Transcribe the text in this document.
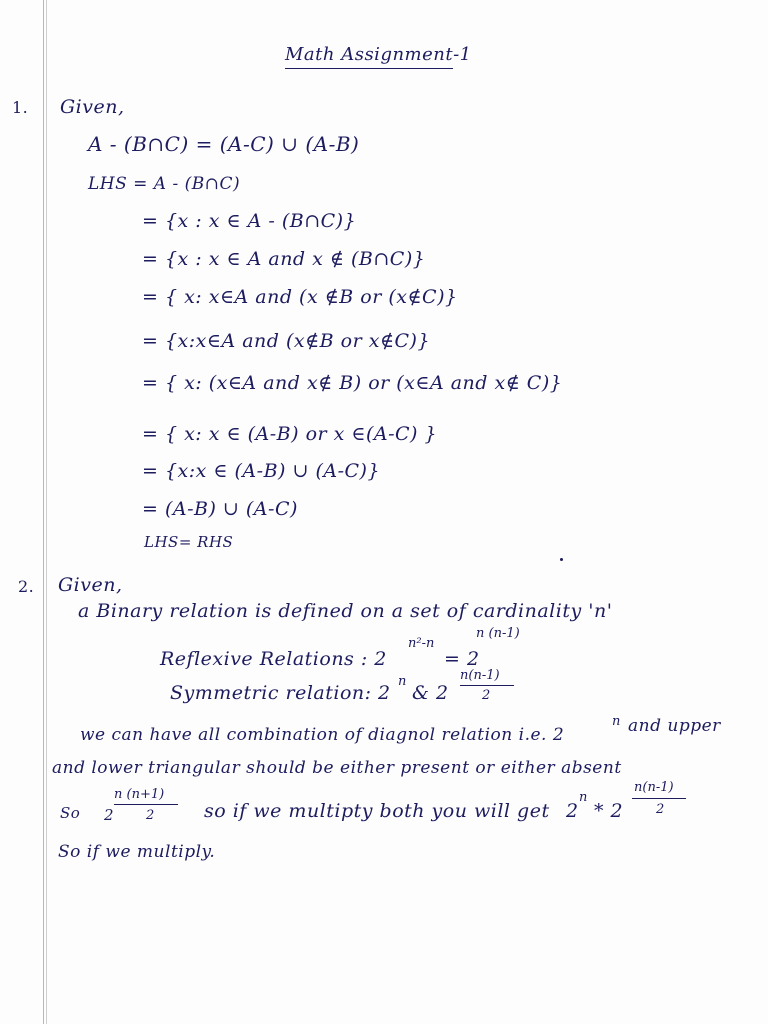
Math Assignment-1
1. Given,
A - (B∩C) = (A-C) ∪ (A-B)
LHS = A - (B∩C)
= {x : x ∈ A - (B∩C)}
= {x : x ∈ A and x ∉ (B∩C)}
= { x: x∈A and (x ∉B or (x∉C)}
= {x:x∈A and (x∉B or x∉C)}
= { x: (x∈A and x∉ B) or (x∈A and x∉ C)}
= { x: x ∈ (A-B) or x ∈(A-C) }
= {x:x ∈ (A-B) ∪ (A-C)}
= (A-B) ∪ (A-C)
LHS= RHS
2. Given,
a Binary relation is defined on a set of cardinality 'n'
Reflexive Relations : 2
n²-n
= 2
n (n-1)
Symmetric relation: 2
n
& 2
n(n-1)
2
we can have all combination of diagnol relation i.e. 2
n and upper
and lower triangular should be either present or either absent
So 2
n (n+1)
2	so if we multipty both you will get 2
n
* 2
n(n-1)
2
So if we multiply.
